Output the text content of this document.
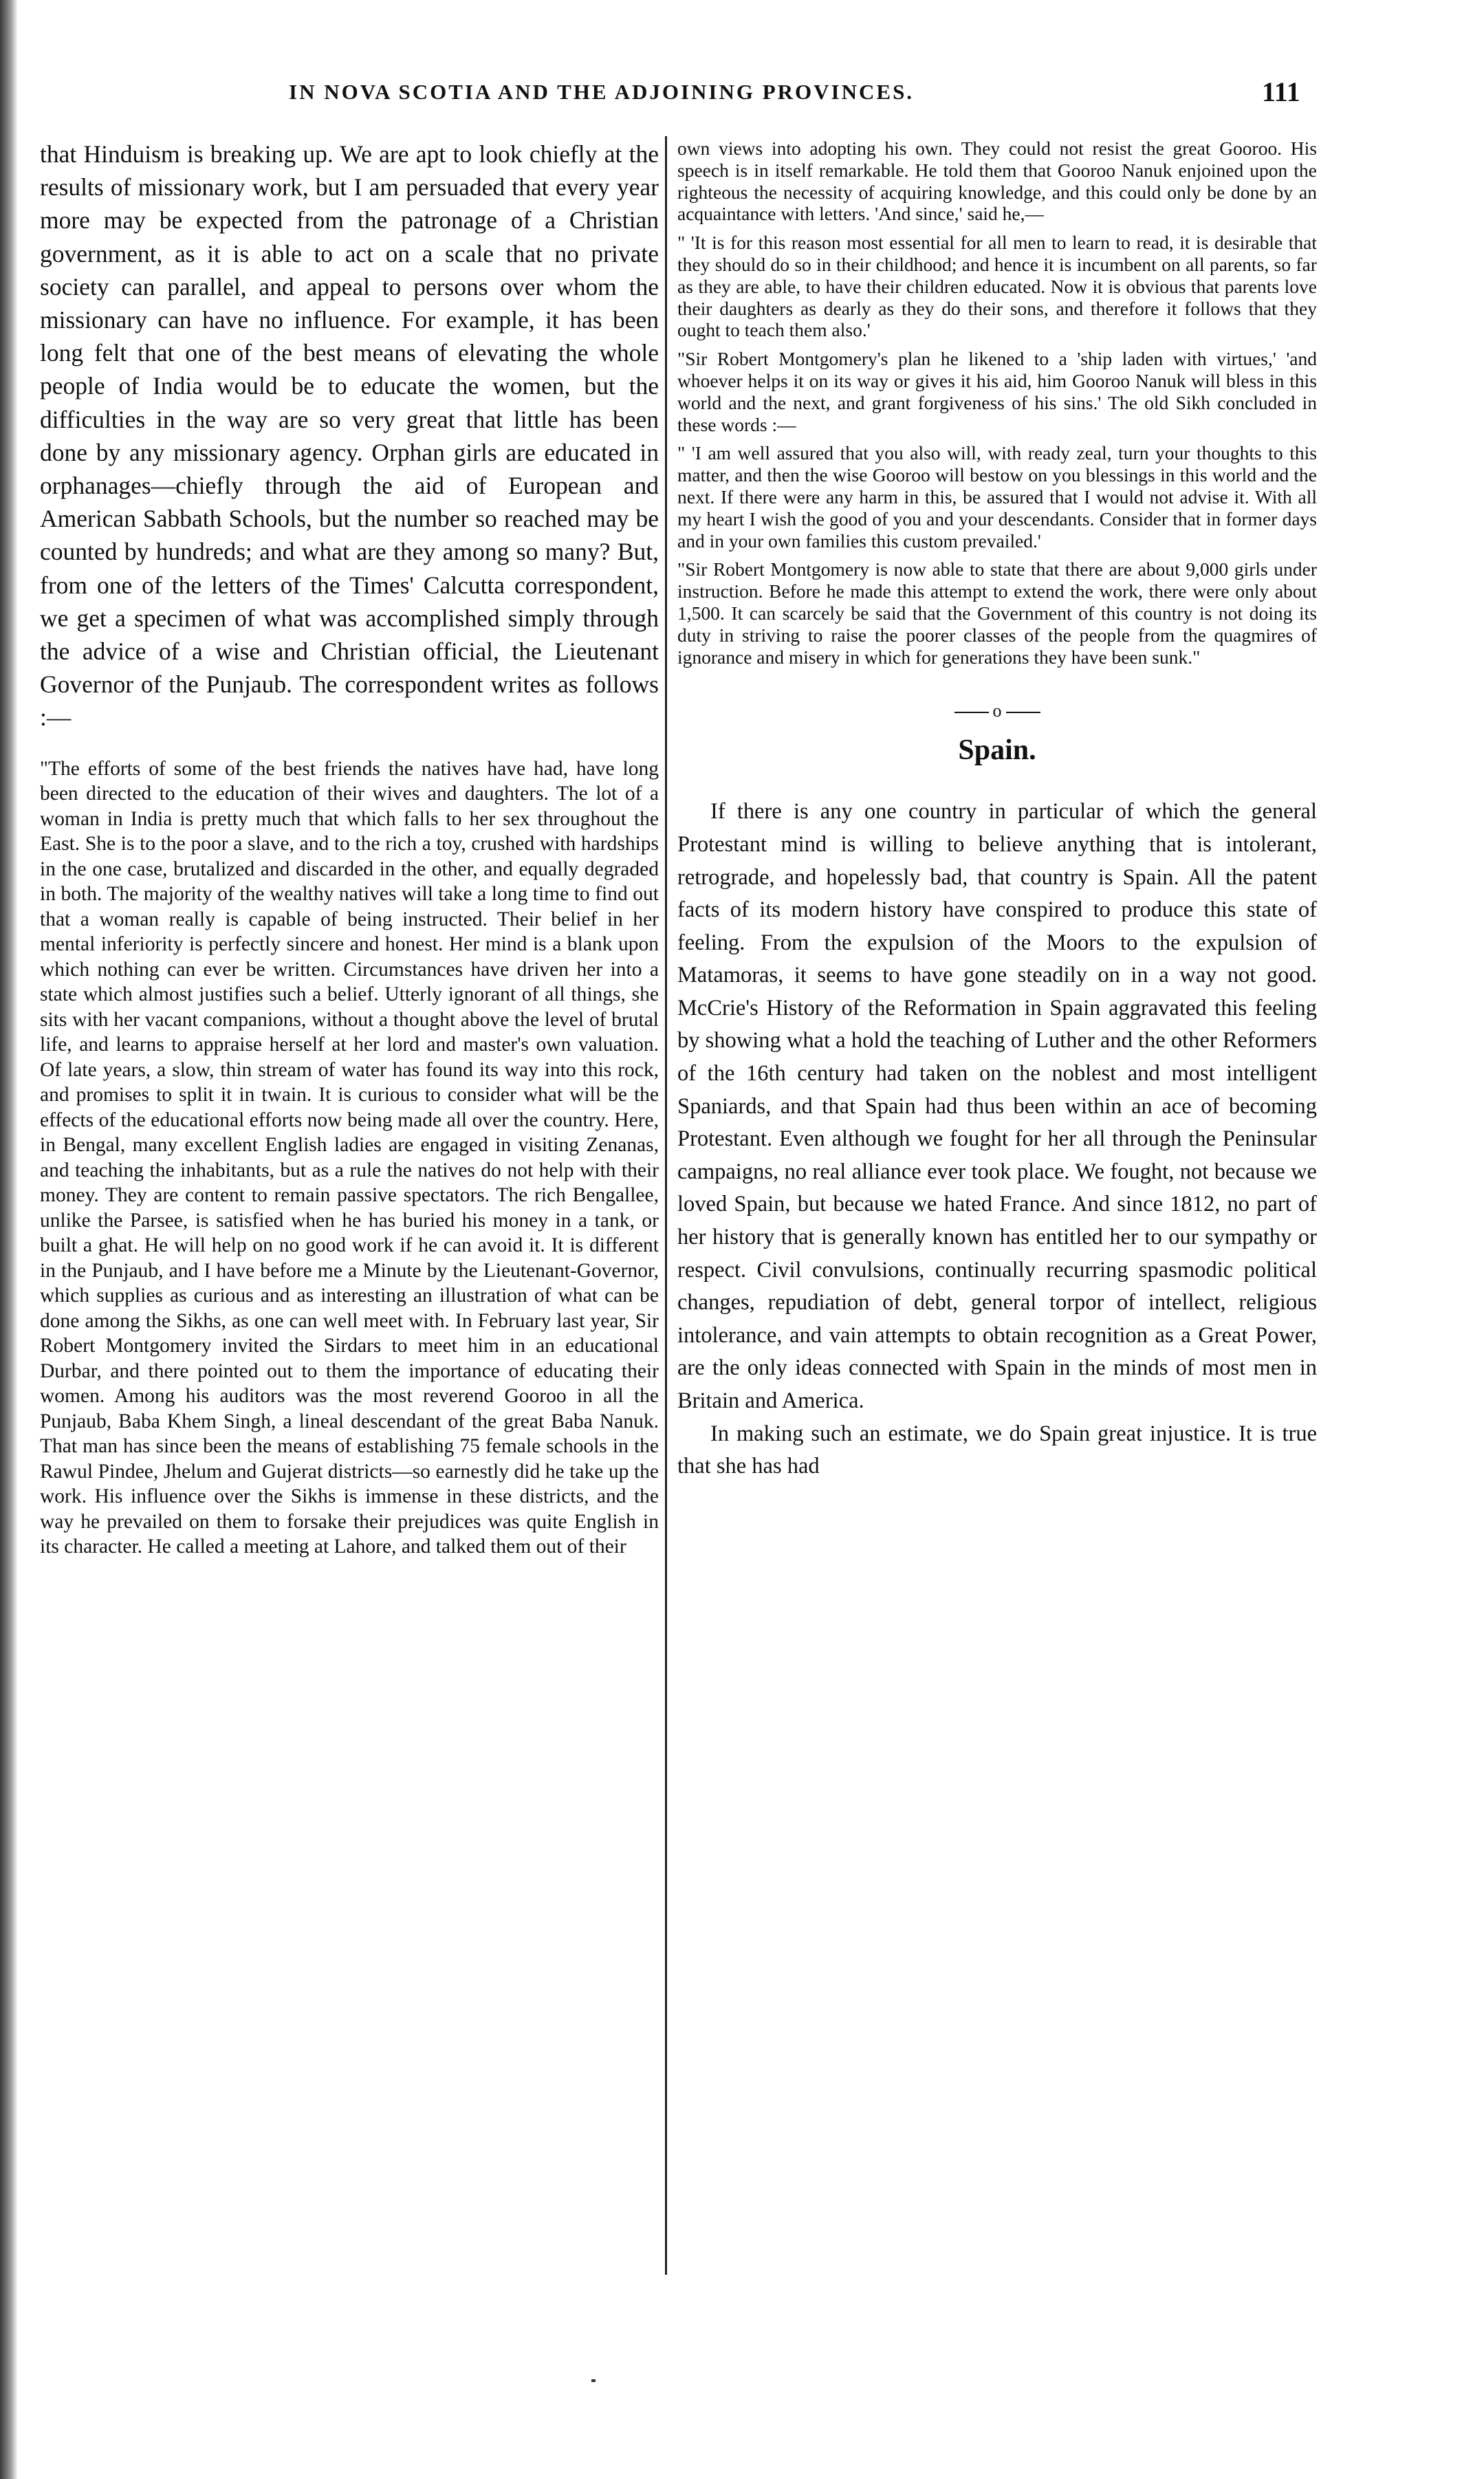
IN NOVA SCOTIA AND THE ADJOINING PROVINCES.	111

that Hinduism is breaking up. We are apt to look chiefly at the results of missionary work, but I am persuaded that every year more may be expected from the patronage of a Christian government, as it is able to act on a scale that no private society can parallel, and appeal to persons over whom the missionary can have no influence. For example, it has been long felt that one of the best means of elevating the whole people of India would be to educate the women, but the difficulties in the way are so very great that little has been done by any missionary agency. Orphan girls are educated in orphanages—chiefly through the aid of European and American Sabbath Schools, but the number so reached may be counted by hundreds; and what are they among so many? But, from one of the letters of the Times' Calcutta correspondent, we get a specimen of what was accomplished simply through the advice of a wise and Christian official, the Lieutenant Governor of the Punjaub. The correspondent writes as follows :—

"The efforts of some of the best friends the natives have had, have long been directed to the education of their wives and daughters. The lot of a woman in India is pretty much that which falls to her sex throughout the East. She is to the poor a slave, and to the rich a toy, crushed with hardships in the one case, brutalized and discarded in the other, and equally degraded in both. The majority of the wealthy natives will take a long time to find out that a woman really is capable of being instructed. Their belief in her mental inferiority is perfectly sincere and honest. Her mind is a blank upon which nothing can ever be written. Circumstances have driven her into a state which almost justifies such a belief. Utterly ignorant of all things, she sits with her vacant companions, without a thought above the level of brutal life, and learns to appraise herself at her lord and master's own valuation. Of late years, a slow, thin stream of water has found its way into this rock, and promises to split it in twain. It is curious to consider what will be the effects of the educational efforts now being made all over the country. Here, in Bengal, many excellent English ladies are engaged in visiting Zenanas, and teaching the inhabitants, but as a rule the natives do not help with their money. They are content to remain passive spectators. The rich Bengallee, unlike the Parsee, is satisfied when he has buried his money in a tank, or built a ghat. He will help on no good work if he can avoid it. It is different in the Punjaub, and I have before me a Minute by the Lieutenant-Governor, which supplies as curious and as interesting an illustration of what can be done among the Sikhs, as one can well meet with. In February last year, Sir Robert Montgomery invited the Sirdars to meet him in an educational Durbar, and there pointed out to them the importance of educating their women. Among his auditors was the most reverend Gooroo in all the Punjaub, Baba Khem Singh, a lineal descendant of the great Baba Nanuk. That man has since been the means of establishing 75 female schools in the Rawul Pindee, Jhelum and Gujerat districts—so earnestly did he take up the work. His influence over the Sikhs is immense in these districts, and the way he prevailed on them to forsake their prejudices was quite English in its character. He called a meeting at Lahore, and talked them out of their

own views into adopting his own. They could not resist the great Gooroo. His speech is in itself remarkable. He told them that Gooroo Nanuk enjoined upon the righteous the necessity of acquiring knowledge, and this could only be done by an acquaintance with letters. 'And since,' said he,—

" 'It is for this reason most essential for all men to learn to read, it is desirable that they should do so in their childhood; and hence it is incumbent on all parents, so far as they are able, to have their children educated. Now it is obvious that parents love their daughters as dearly as they do their sons, and therefore it follows that they ought to teach them also.'

"Sir Robert Montgomery's plan he likened to a 'ship laden with virtues,' 'and whoever helps it on its way or gives it his aid, him Gooroo Nanuk will bless in this world and the next, and grant forgiveness of his sins.' The old Sikh concluded in these words :—

" 'I am well assured that you also will, with ready zeal, turn your thoughts to this matter, and then the wise Gooroo will bestow on you blessings in this world and the next. If there were any harm in this, be assured that I would not advise it. With all my heart I wish the good of you and your descendants. Consider that in former days and in your own families this custom prevailed.'

"Sir Robert Montgomery is now able to state that there are about 9,000 girls under instruction. Before he made this attempt to extend the work, there were only about 1,500. It can scarcely be said that the Government of this country is not doing its duty in striving to raise the poorer classes of the people from the quagmires of ignorance and misery in which for generations they have been sunk."

o
Spain.

If there is any one country in particular of which the general Protestant mind is willing to believe anything that is intolerant, retrograde, and hopelessly bad, that country is Spain. All the patent facts of its modern history have conspired to produce this state of feeling. From the expulsion of the Moors to the expulsion of Matamoras, it seems to have gone steadily on in a way not good. McCrie's History of the Reformation in Spain aggravated this feeling by showing what a hold the teaching of Luther and the other Reformers of the 16th century had taken on the noblest and most intelligent Spaniards, and that Spain had thus been within an ace of becoming Protestant. Even although we fought for her all through the Peninsular campaigns, no real alliance ever took place. We fought, not because we loved Spain, but because we hated France. And since 1812, no part of her history that is generally known has entitled her to our sympathy or respect. Civil convulsions, continually recurring spasmodic political changes, repudiation of debt, general torpor of intellect, religious intolerance, and vain attempts to obtain recognition as a Great Power, are the only ideas connected with Spain in the minds of most men in Britain and America.

In making such an estimate, we do Spain great injustice. It is true that she has had
